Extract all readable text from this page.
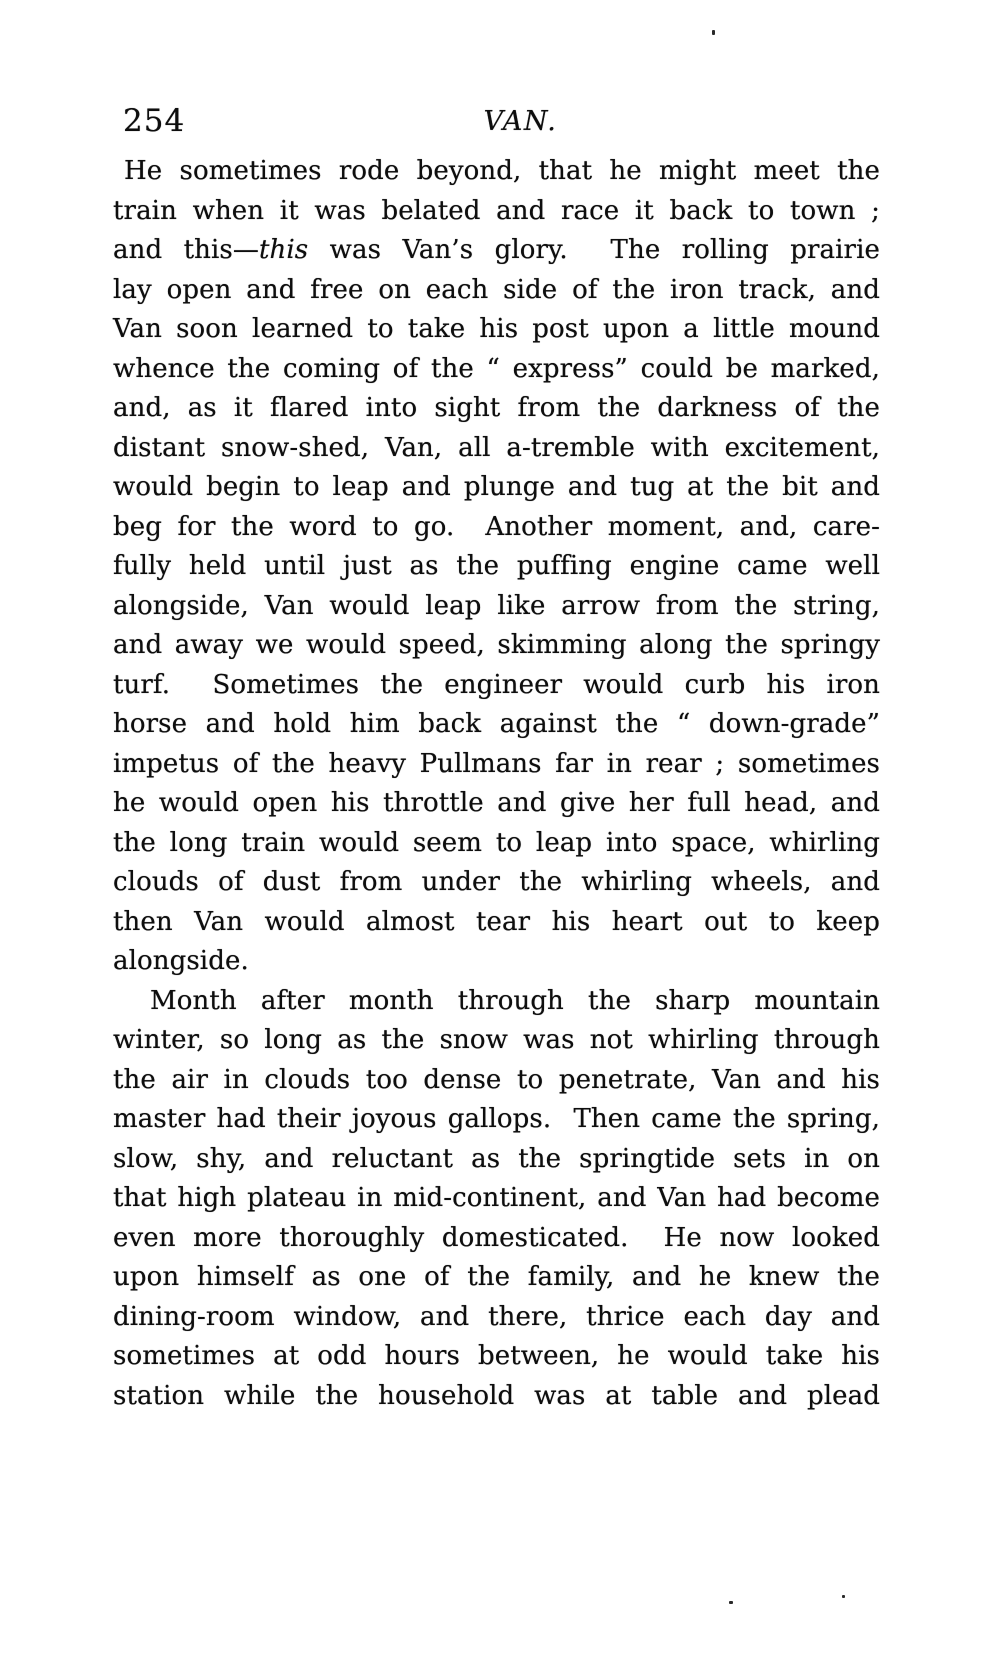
254	VAN.
He sometimes rode beyond, that he might meet the
train when it was belated and race it back to town ;
and this—this was Van’s glory.  The rolling prairie
lay open and free on each side of the iron track, and
Van soon learned to take his post upon a little mound
whence the coming of the “ express” could be marked,
and, as it flared into sight from the darkness of the
distant snow-shed, Van, all a-tremble with excitement,
would begin to leap and plunge and tug at the bit and
beg for the word to go.  Another moment, and, care-
fully held until just as the puffing engine came well
alongside, Van would leap like arrow from the string,
and away we would speed, skimming along the springy
turf.  Sometimes the engineer would curb his iron
horse and hold him back against the “ down-grade”
impetus of the heavy Pullmans far in rear ; sometimes
he would open his throttle and give her full head, and
the long train would seem to leap into space, whirling
clouds of dust from under the whirling wheels, and
then Van would almost tear his heart out to keep
alongside.
Month after month through the sharp mountain
winter, so long as the snow was not whirling through
the air in clouds too dense to penetrate, Van and his
master had their joyous gallops.  Then came the spring,
slow, shy, and reluctant as the springtide sets in on
that high plateau in mid-continent, and Van had become
even more thoroughly domesticated.  He now looked
upon himself as one of the family, and he knew the
dining-room window, and there, thrice each day and
sometimes at odd hours between, he would take his
station while the household was at table and plead
